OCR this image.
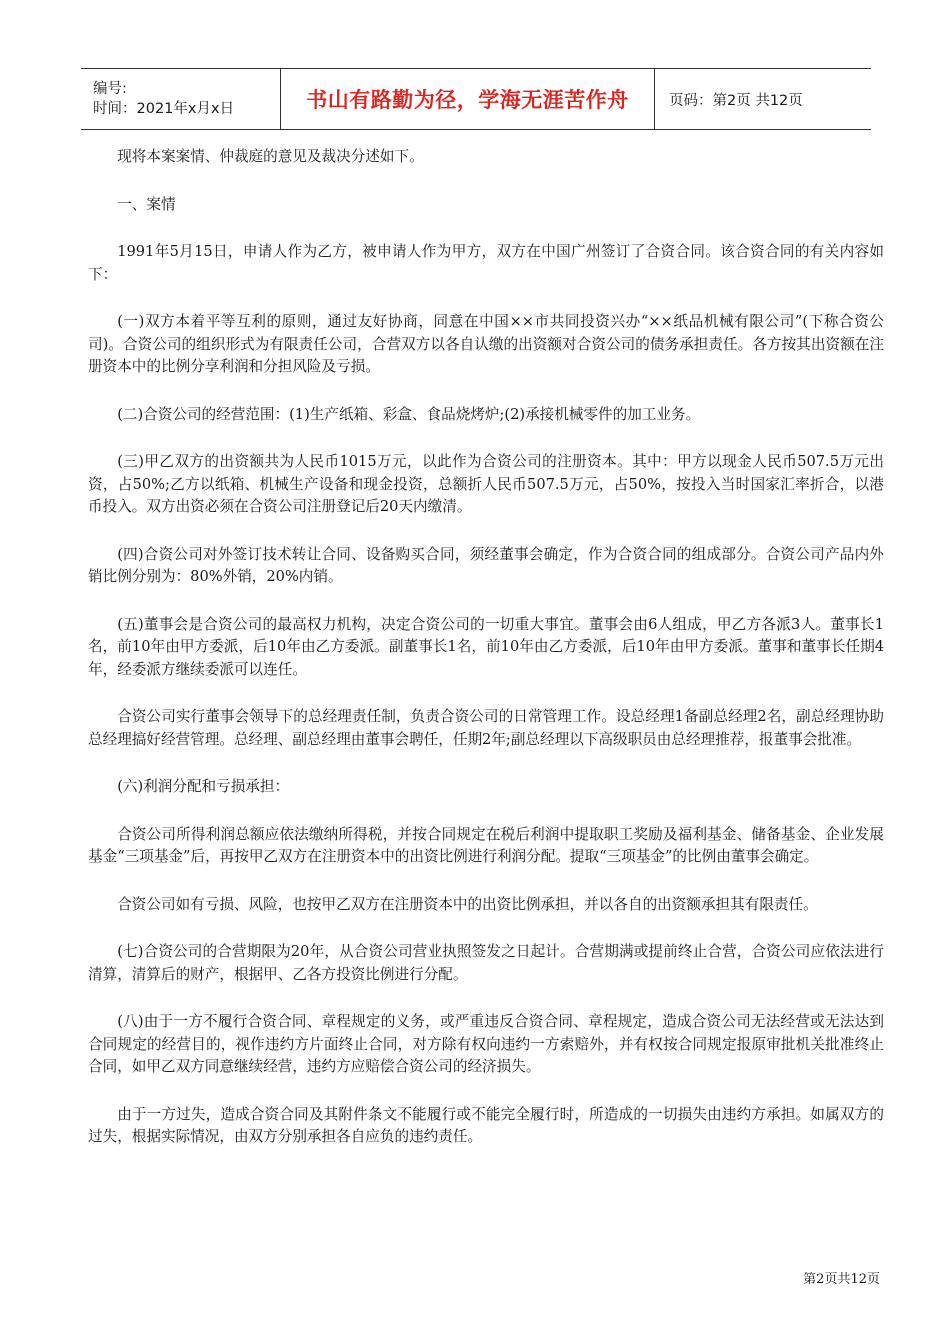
编号:
时间：2021年x月x日	书山有路勤为径，学海无涯苦作舟	页码：第2页 共12页

现将本案案情、仲裁庭的意见及裁决分述如下。

一、案情

1991年5月15日，申请人作为乙方，被申请人作为甲方，双方在中国广州签订了合资合同。该合资合同的有关内容如下：

(一)双方本着平等互利的原则，通过友好协商，同意在中国××市共同投资兴办“××纸品机械有限公司”(下称合资公司)。合资公司的组织形式为有限责任公司，合营双方以各自认缴的出资额对合资公司的债务承担责任。各方按其出资额在注册资本中的比例分享利润和分担风险及亏损。

(二)合资公司的经营范围：(1)生产纸箱、彩盒、食品烧烤炉;(2)承接机械零件的加工业务。

(三)甲乙双方的出资额共为人民币1015万元，以此作为合资公司的注册资本。其中：甲方以现金人民币507.5万元出资，占50%;乙方以纸箱、机械生产设备和现金投资，总额折人民币507.5万元，占50%，按投入当时国家汇率折合，以港币投入。双方出资必须在合资公司注册登记后20天内缴清。

(四)合资公司对外签订技术转让合同、设备购买合同，须经董事会确定，作为合资合同的组成部分。合资公司产品内外销比例分别为：80%外销，20%内销。

(五)董事会是合资公司的最高权力机构，决定合资公司的一切重大事宜。董事会由6人组成，甲乙方各派3人。董事长1名，前10年由甲方委派，后10年由乙方委派。副董事长1名，前10年由乙方委派，后10年由甲方委派。董事和董事长任期4年，经委派方继续委派可以连任。

合资公司实行董事会领导下的总经理责任制，负责合资公司的日常管理工作。设总经理1备副总经理2名，副总经理协助总经理搞好经营管理。总经理、副总经理由董事会聘任，任期2年;副总经理以下高级职员由总经理推荐，报董事会批准。

(六)利润分配和亏损承担：

合资公司所得利润总额应依法缴纳所得税，并按合同规定在税后利润中提取职工奖励及福利基金、储备基金、企业发展基金“三项基金”后，再按甲乙双方在注册资本中的出资比例进行利润分配。提取“三项基金”的比例由董事会确定。

合资公司如有亏损、风险，也按甲乙双方在注册资本中的出资比例承担，并以各自的出资额承担其有限责任。

(七)合资公司的合营期限为20年，从合资公司营业执照签发之日起计。合营期满或提前终止合营，合资公司应依法进行清算，清算后的财产，根据甲、乙各方投资比例进行分配。

(八)由于一方不履行合资合同、章程规定的义务，或严重违反合资合同、章程规定，造成合资公司无法经营或无法达到合同规定的经营目的，视作违约方片面终止合同，对方除有权向违约一方索赔外，并有权按合同规定报原审批机关批准终止合同，如甲乙双方同意继续经营，违约方应赔偿合资公司的经济损失。

由于一方过失，造成合资合同及其附件条文不能履行或不能完全履行时，所造成的一切损失由违约方承担。如属双方的过失，根据实际情况，由双方分别承担各自应负的违约责任。

第2页共12页
